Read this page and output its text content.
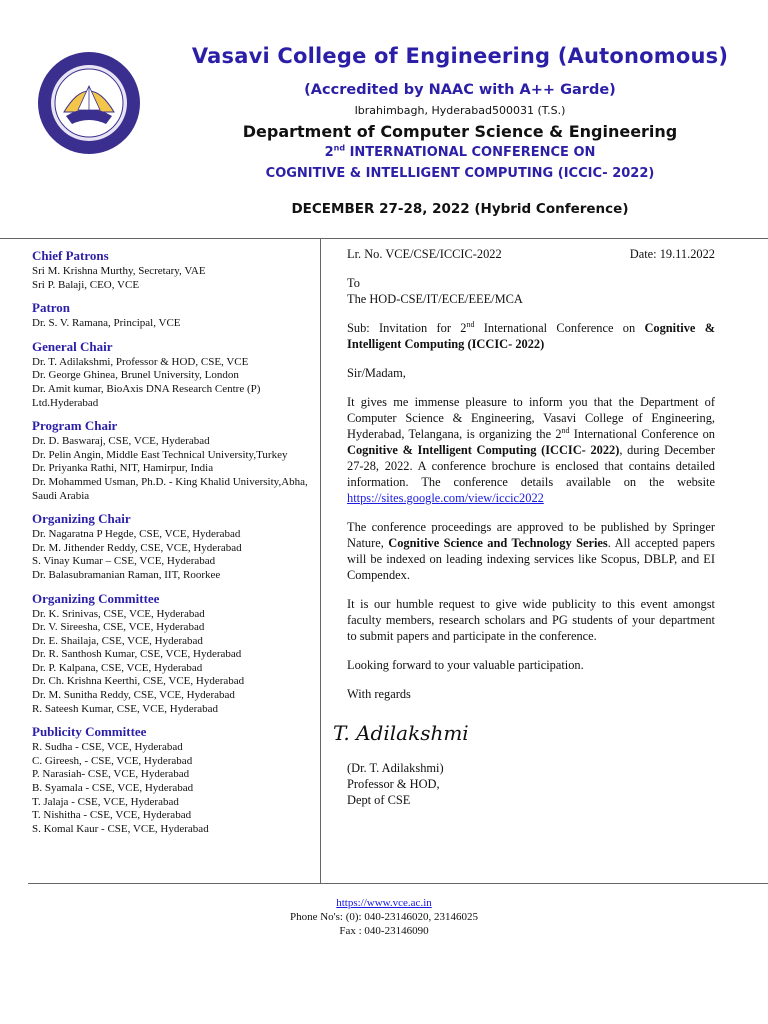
Vasavi College of Engineering (Autonomous)
(Accredited by NAAC with A++ Garde)
Ibrahimbagh, Hyderabad500031 (T.S.)
Department of Computer Science & Engineering
2nd INTERNATIONAL CONFERENCE ON
COGNITIVE & INTELLIGENT COMPUTING (ICCIC- 2022)
DECEMBER 27-28, 2022 (Hybrid Conference)
Chief Patrons
Sri M. Krishna Murthy, Secretary, VAE
Sri P. Balaji, CEO, VCE
Patron
Dr. S. V. Ramana, Principal, VCE
General Chair
Dr. T. Adilakshmi, Professor & HOD, CSE, VCE
Dr. George Ghinea, Brunel University, London
Dr. Amit kumar, BioAxis DNA Research Centre (P) Ltd.Hyderabad
Program Chair
Dr. D. Baswaraj, CSE, VCE, Hyderabad
Dr. Pelin Angin, Middle East Technical University,Turkey
Dr. Priyanka Rathi, NIT, Hamirpur, India
Dr. Mohammed Usman, Ph.D. - King Khalid University,Abha, Saudi Arabia
Organizing Chair
Dr. Nagaratna P Hegde, CSE, VCE, Hyderabad
Dr. M. Jithender Reddy, CSE, VCE, Hyderabad
S. Vinay Kumar – CSE, VCE, Hyderabad
Dr. Balasubramanian Raman, IIT, Roorkee
Organizing Committee
Dr. K. Srinivas, CSE, VCE, Hyderabad
Dr. V. Sireesha, CSE, VCE, Hyderabad
Dr. E. Shailaja, CSE, VCE, Hyderabad
Dr. R. Santhosh Kumar, CSE, VCE, Hyderabad
Dr. P. Kalpana, CSE, VCE, Hyderabad
Dr. Ch. Krishna Keerthi, CSE, VCE, Hyderabad
Dr. M. Sunitha Reddy, CSE, VCE, Hyderabad
R. Sateesh Kumar, CSE, VCE, Hyderabad
Publicity Committee
R. Sudha - CSE, VCE, Hyderabad
C. Gireesh, - CSE, VCE, Hyderabad
P. Narasiah- CSE, VCE, Hyderabad
B. Syamala - CSE, VCE, Hyderabad
T. Jalaja - CSE, VCE, Hyderabad
T. Nishitha - CSE, VCE, Hyderabad
S. Komal Kaur - CSE, VCE, Hyderabad
Lr. No. VCE/CSE/ICCIC-2022	Date: 19.11.2022
To
The HOD-CSE/IT/ECE/EEE/MCA
Sub: Invitation for 2nd International Conference on Cognitive & Intelligent Computing (ICCIC- 2022)
Sir/Madam,
It gives me immense pleasure to inform you that the Department of Computer Science & Engineering, Vasavi College of Engineering, Hyderabad, Telangana, is organizing the 2nd International Conference on Cognitive & Intelligent Computing (ICCIC- 2022), during December 27-28, 2022. A conference brochure is enclosed that contains detailed information. The conference details available on the website https://sites.google.com/view/iccic2022
The conference proceedings are approved to be published by Springer Nature, Cognitive Science and Technology Series. All accepted papers will be indexed on leading indexing services like Scopus, DBLP, and EI Compendex.
It is our humble request to give wide publicity to this event amongst faculty members, research scholars and PG students of your department to submit papers and participate in the conference.
Looking forward to your valuable participation.
With regards
T. Adilakshmi
(Dr. T. Adilakshmi)
Professor & HOD,
Dept of CSE
https://www.vce.ac.in
Phone No's: (0): 040-23146020, 23146025
Fax : 040-23146090
